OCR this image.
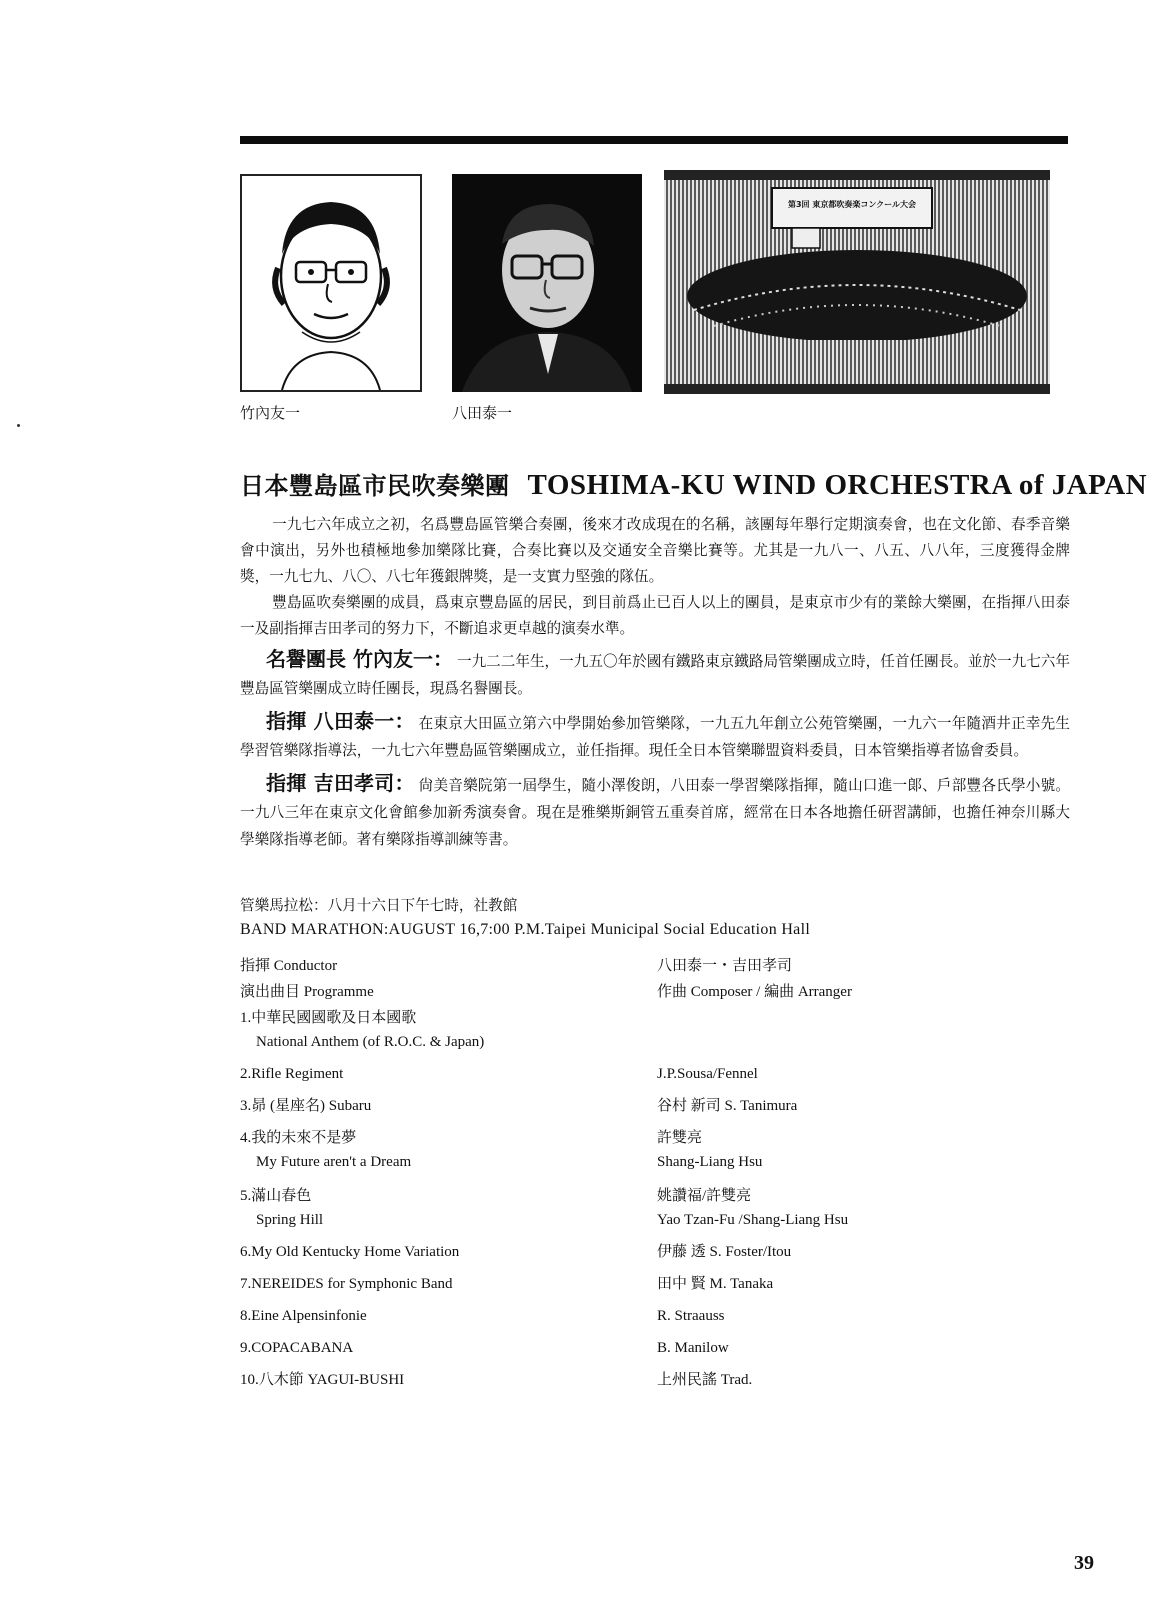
第3回 東京都吹奏楽コンクール大会
竹內友一	八田泰一
日本豐島區市民吹奏樂團 TOSHIMA-KU WIND ORCHESTRA of JAPAN

一九七六年成立之初，名爲豐島區管樂合奏團，後來才改成現在的名稱，該團每年舉行定期演奏會，也在文化節、春季音樂會中演出，另外也積極地參加樂隊比賽，合奏比賽以及交通安全音樂比賽等。尤其是一九八一、八五、八八年，三度獲得金牌獎，一九七九、八〇、八七年獲銀牌獎，是一支實力堅強的隊伍。

豐島區吹奏樂團的成員，爲東京豐島區的居民，到目前爲止已百人以上的團員，是東京市少有的業餘大樂團，在指揮八田泰一及副指揮吉田孝司的努力下，不斷追求更卓越的演奏水準。

名譽團長 竹內友一： 一九二二年生，一九五〇年於國有鐵路東京鐵路局管樂團成立時，任首任團長。並於一九七六年豐島區管樂團成立時任團長，現爲名譽團長。

指揮 八田泰一： 在東京大田區立第六中學開始參加管樂隊，一九五九年創立公苑管樂團，一九六一年隨酒井正幸先生學習管樂隊指導法，一九七六年豐島區管樂團成立，並任指揮。現任全日本管樂聯盟資料委員，日本管樂指導者協會委員。

指揮 吉田孝司： 尙美音樂院第一屆學生，隨小澤俊朗，八田泰一學習樂隊指揮，隨山口進一郞、戶部豐各氏學小號。一九八三年在東京文化會館參加新秀演奏會。現在是雅樂斯銅管五重奏首席，經常在日本各地擔任研習講師，也擔任神奈川縣大學樂隊指導老師。著有樂隊指導訓練等書。

管樂馬拉松：八月十六日下午七時，社教館
BAND MARATHON:AUGUST 16,7:00 P.M.Taipei Municipal Social Education Hall
指揮 Conductor
演出曲目 Programme
1.中華民國國歌及日本國歌
National Anthem (of R.O.C. & Japan)
2.Rifle Regiment
3.昴 (星座名) Subaru
4.我的未來不是夢
My Future aren't a Dream
5.滿山春色
Spring Hill
6.My Old Kentucky Home Variation
7.NEREIDES for Symphonic Band
8.Eine Alpensinfonie
9.COPACABANA
10.八木節 YAGUI-BUSHI
八田泰一・吉田孝司
作曲 Composer / 編曲 Arranger
J.P.Sousa/Fennel
谷村 新司 S. Tanimura
許雙亮
Shang-Liang Hsu
姚讚福/許雙亮
Yao Tzan-Fu /Shang-Liang Hsu
伊藤 透 S. Foster/Itou
田中 賢 M. Tanaka
R. Straauss
B. Manilow
上州民謠 Trad.
39
